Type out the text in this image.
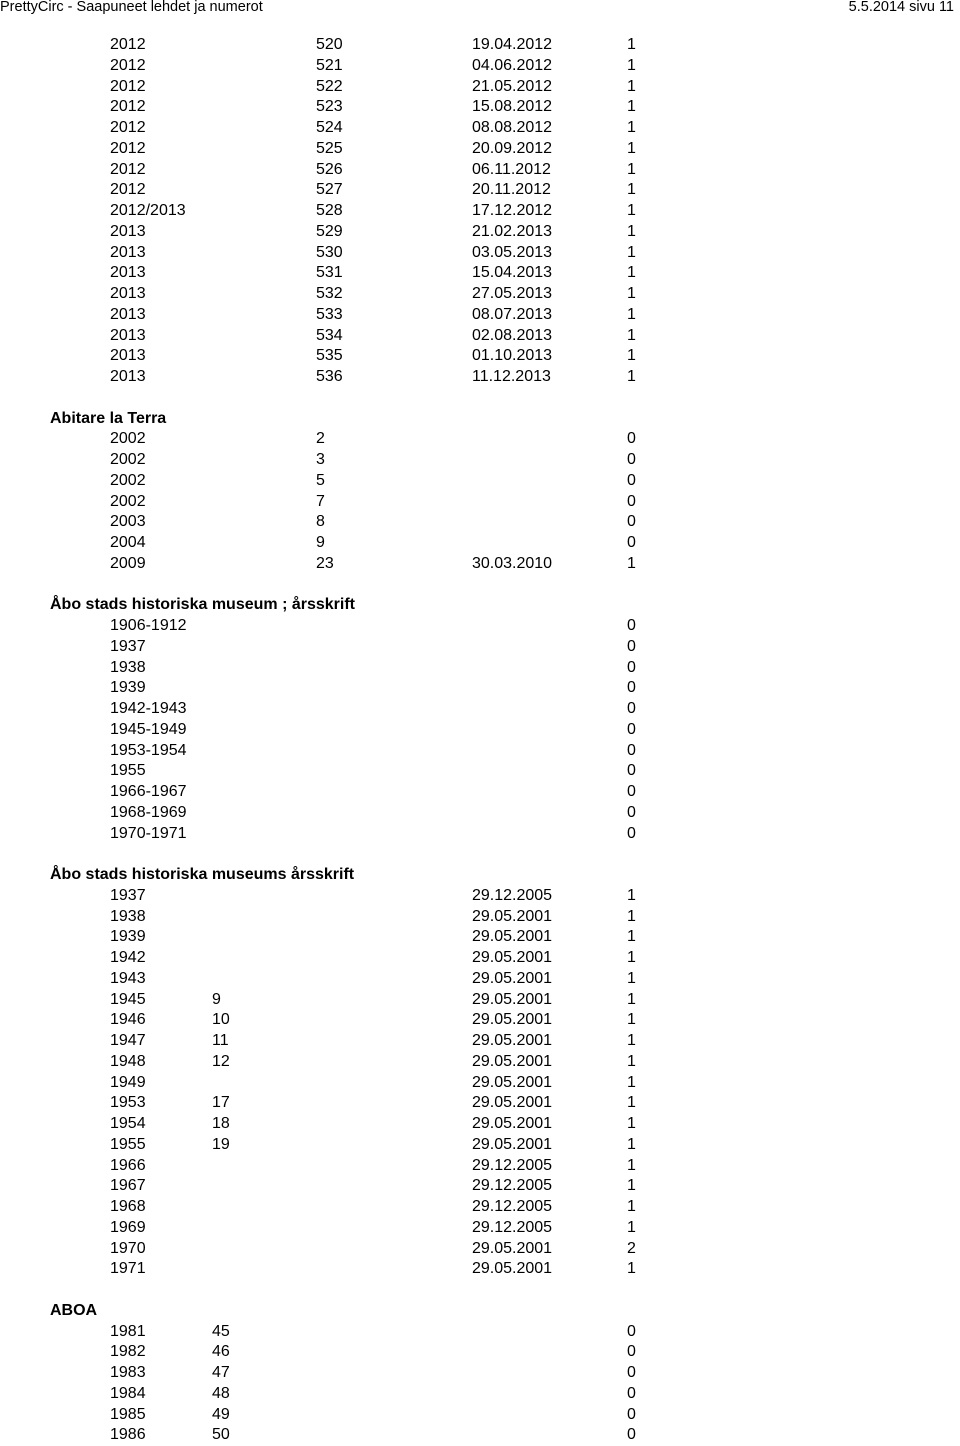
PrettyCirc - Saapuneet lehdet ja numerot	5.5.2014 sivu 11
2012	520	19.04.2012	1
2012	521	04.06.2012	1
2012	522	21.05.2012	1
2012	523	15.08.2012	1
2012	524	08.08.2012	1
2012	525	20.09.2012	1
2012	526	06.11.2012	1
2012	527	20.11.2012	1
2012/2013	528	17.12.2012	1
2013	529	21.02.2013	1
2013	530	03.05.2013	1
2013	531	15.04.2013	1
2013	532	27.05.2013	1
2013	533	08.07.2013	1
2013	534	02.08.2013	1
2013	535	01.10.2013	1
2013	536	11.12.2013	1
Abitare la Terra
2002	2	0
2002	3	0
2002	5	0
2002	7	0
2003	8	0
2004	9	0
2009	23	30.03.2010	1
Åbo stads historiska museum ; årsskrift
1906-1912	0
1937	0
1938	0
1939	0
1942-1943	0
1945-1949	0
1953-1954	0
1955	0
1966-1967	0
1968-1969	0
1970-1971	0
Åbo stads historiska museums årsskrift
1937	29.12.2005	1
1938	29.05.2001	1
1939	29.05.2001	1
1942	29.05.2001	1
1943	29.05.2001	1
1945	9	29.05.2001	1
1946	10	29.05.2001	1
1947	11	29.05.2001	1
1948	12	29.05.2001	1
1949	29.05.2001	1
1953	17	29.05.2001	1
1954	18	29.05.2001	1
1955	19	29.05.2001	1
1966	29.12.2005	1
1967	29.12.2005	1
1968	29.12.2005	1
1969	29.12.2005	1
1970	29.05.2001	2
1971	29.05.2001	1
ABOA
1981	45	0
1982	46	0
1983	47	0
1984	48	0
1985	49	0
1986	50	0
